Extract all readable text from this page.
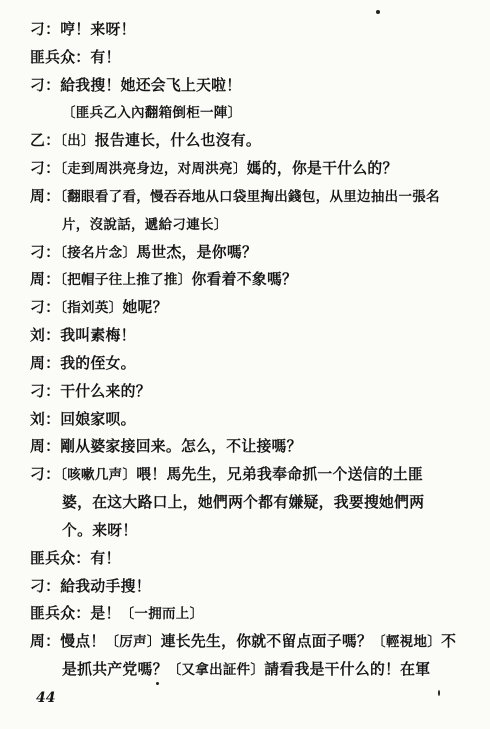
刁：哼！来呀！
匪兵众：有！
刁：給我搜！她还会飞上天啦！
〔匪兵乙入內翻箱倒柜一陣〕
乙：〔出〕报告連长，什么也沒有。
刁：〔走到周洪亮身边，对周洪亮〕媽的，你是干什么的？
周：〔翻眼看了看，慢吞吞地从口袋里掏出錢包，从里边抽出一張名
片，沒說話，遞給刁連长〕
刁：〔接名片念〕馬世杰，是你嗎？
周：〔把帽子往上推了推〕你看着不象嗎？
刁：〔指刘英〕她呢？
刘：我叫素梅！
周：我的侄女。
刁：干什么来的？
刘：回娘家呗。
周：剛从婆家接回来。怎么，不让接嗎？
刁：〔咳嗽几声〕喂！馬先生，兄弟我奉命抓一个送信的土匪
婆，在这大路口上，她們两个都有嫌疑，我要搜她們两
个。来呀！
匪兵众：有！
刁：給我动手搜！
匪兵众：是！〔一拥而上〕
周：慢点！〔厉声〕連长先生，你就不留点面子嗎？〔輕視地〕不
是抓共产党嗎？〔又拿出証件〕請看我是干什么的！在軍
44
